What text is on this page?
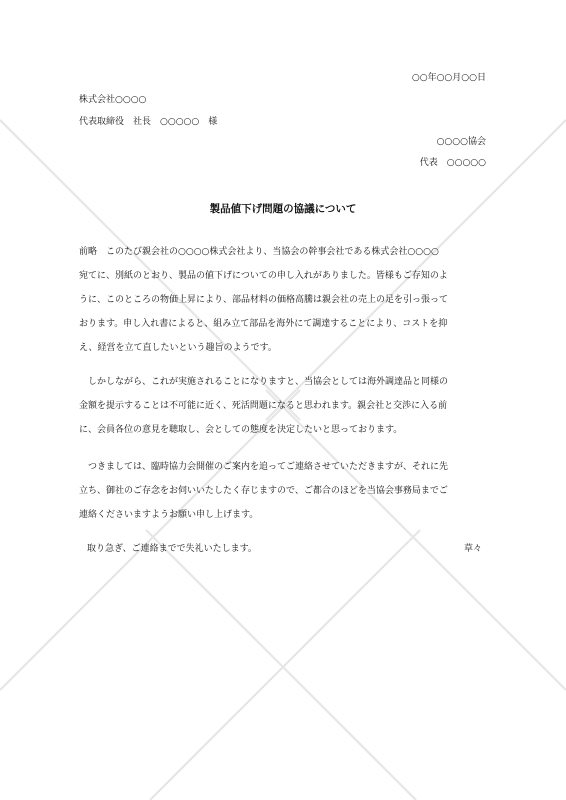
○○年○○月○○日
株式会社○○○○
代表取締役　社長　○○○○○　様
○○○○協会
代表　○○○○○
製品値下げ問題の協議について
前略　このたび親会社の○○○○株式会社より、当協会の幹事会社である株式会社○○○○
宛てに、別紙のとおり、製品の値下げについての申し入れがありました。皆様もご存知のよ
うに、このところの物価上昇により、部品材料の価格高騰は親会社の売上の足を引っ張って
おります。申し入れ書によると、組み立て部品を海外にて調達することにより、コストを抑
え、経営を立て直したいという趣旨のようです。
　しかしながら、これが実施されることになりますと、当協会としては海外調達品と同様の
金額を提示することは不可能に近く、死活問題になると思われます。親会社と交渉に入る前
に、会員各位の意見を聴取し、会としての態度を決定したいと思っております。
　つきましては、臨時協力会開催のご案内を追ってご連絡させていただきますが、それに先
立ち、御社のご存念をお伺いいたしたく存じますので、ご都合のほどを当協会事務局までご
連絡くださいますようお願い申し上げます。
取り急ぎ、ご連絡までで失礼いたします。	草々
